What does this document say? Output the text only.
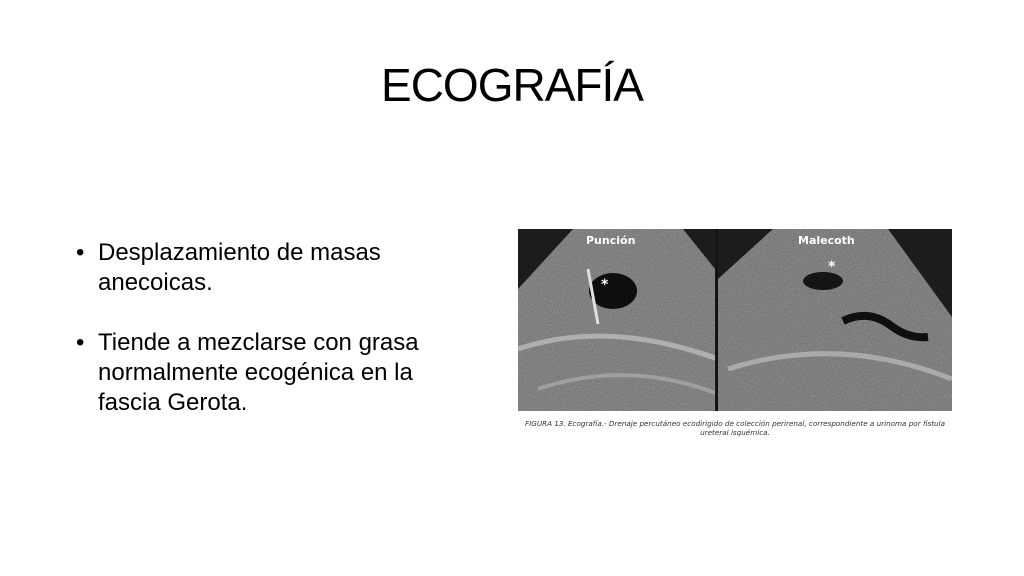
ECOGRAFÍA
• Desplazamiento de masas anecoicas.
• Tiende a mezclarse con grasa normalmente ecogénica en la fascia Gerota.
Punción	Malecoth
*
*
FIGURA 13. Ecografía.- Drenaje percutáneo ecodirigido de colección perirenal, correspondiente a urinoma por fístula ureteral isquémica.
